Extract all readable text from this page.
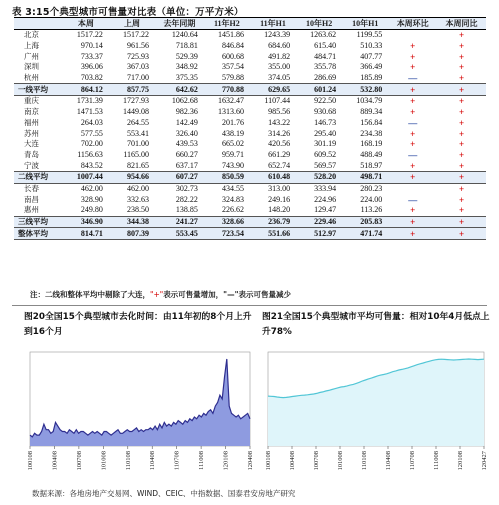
表 3:15个典型城市可售量对比表（单位：万平方米）
	本周	上周	去年同期	11年H2	11年H1	10年H2	10年H1	本周环比	本周同比
北京	1517.22	1517.22	1240.64	1451.86	1243.39	1263.62	1199.55		+
上海	970.14	961.56	718.81	846.84	684.60	615.40	510.33	+	+
广州	733.37	725.93	529.39	600.68	491.82	484.71	407.77	+	+
深圳	396.06	367.03	348.92	357.54	355.00	355.78	366.49	+	+
杭州	703.82	717.00	375.35	579.88	374.05	286.69	185.89	—	+
一线平均	864.12	857.75	642.62	770.88	629.65	601.24	532.80	+	+
重庆	1731.39	1727.93	1062.68	1632.47	1107.44	922.50	1034.79	+	+
南京	1471.53	1449.08	982.36	1313.60	985.56	930.68	889.34	+	+
福州	264.03	264.55	142.49	201.76	143.22	146.73	156.84	—	+
苏州	577.55	553.41	326.40	438.19	314.26	295.40	234.38	+	+
大连	702.00	701.00	439.53	665.02	420.56	301.19	168.19	+	+
青岛	1156.63	1165.00	660.27	959.71	661.29	609.52	488.49	—	+
宁波	843.52	821.65	637.17	743.90	652.74	569.57	518.97	+	+
二线平均	1007.44	954.66	607.27	850.59	610.48	528.20	498.71	+	+
长春	462.00	462.00	302.73	434.55	313.00	333.94	280.23		+
南昌	328.90	332.63	282.22	324.83	249.16	224.96	224.00	—	+
惠州	249.80	238.50	138.85	226.62	148.20	129.47	113.26	+	+
三线平均	346.90	344.38	241.27	328.66	236.79	229.46	205.83	+	+
整体平均	814.71	807.39	553.45	723.54	551.66	512.97	471.74	+	+
注：二线和整体平均中剔除了大连，"+"表示可售量增加，"—"表示可售量减少
图20全国15个典型城市去化时间：由11年初的8个月上升到16个月
100108	100408	100708	101008	110108	110408	110708	111008	120108	120408
图21全国15个典型城市平均可售量：相对10年4月低点上升78%
100108	100408	100708	101008	110108	110408	110708	111008	120108	120427
数据来源：各地房地产交易网、WIND、CEIC、中指数据、国泰君安房地产研究
